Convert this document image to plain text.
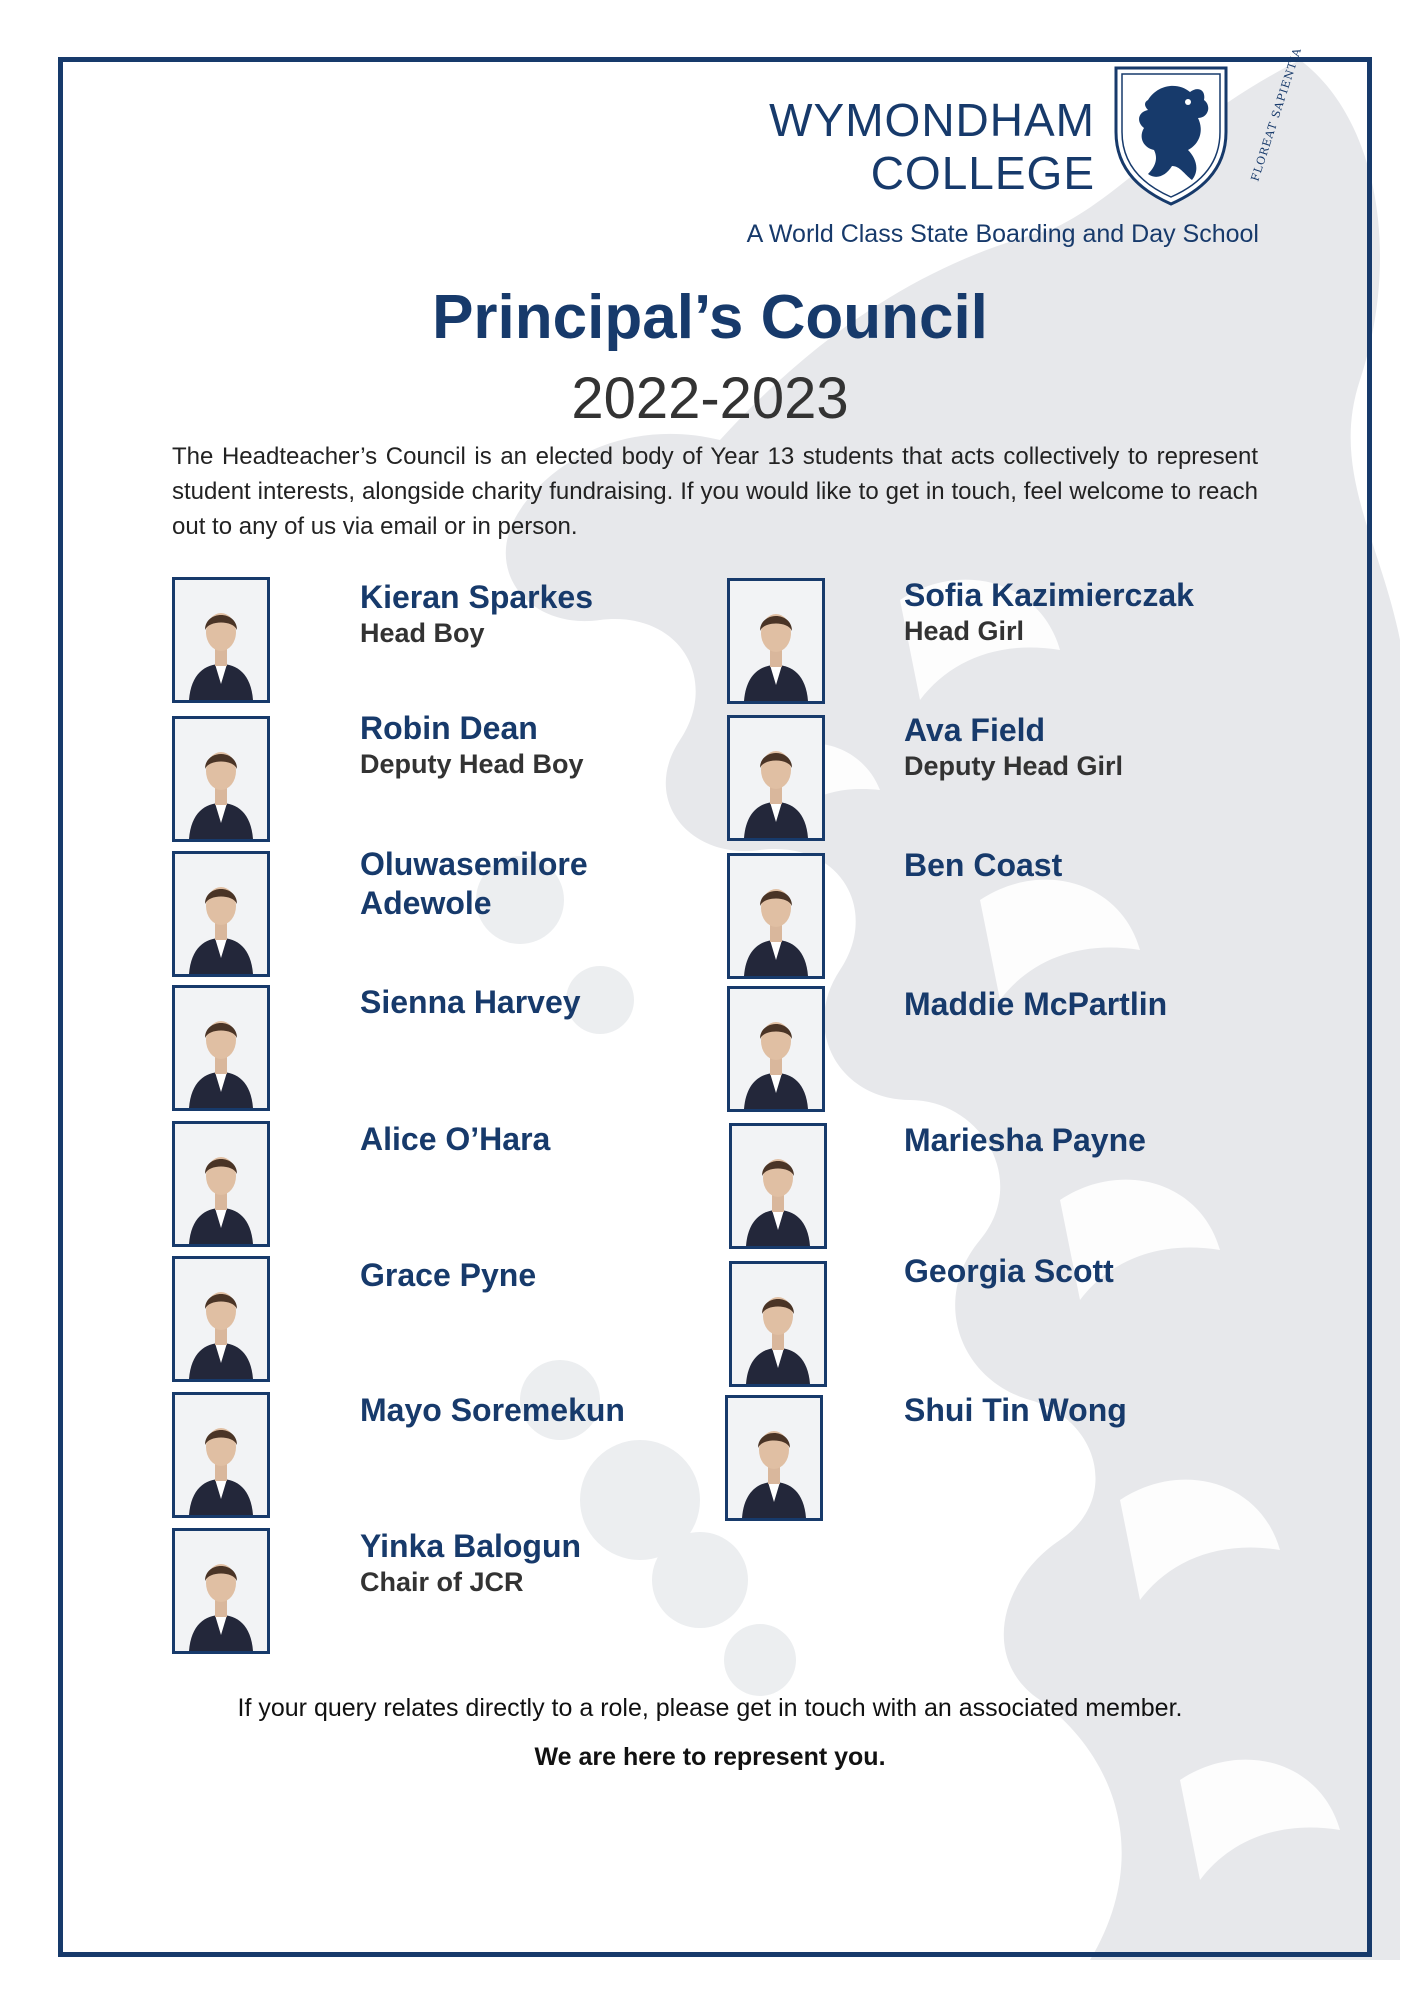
WYMONDHAM
COLLEGE	FLOREAT SAPIENTIA
A World Class State Boarding and Day School
Principal’s Council
2022-2023
The Headteacher’s Council is an elected body of Year 13 students that acts collectively to represent student interests, alongside charity fundraising. If you would like to get in touch, feel welcome to reach out to any of us via email or in person.
Kieran Sparkes
Head Boy
Robin Dean
Deputy Head Boy
Oluwasemilore
Adewole
Sienna Harvey
Alice O’Hara
Grace Pyne
Mayo Soremekun
Yinka Balogun
Chair of JCR
Sofia Kazimierczak
Head Girl
Ava Field
Deputy Head Girl
Ben Coast
Maddie McPartlin
Mariesha Payne
Georgia Scott
Shui Tin Wong
If your query relates directly to a role, please get in touch with an associated member.
We are here to represent you.
